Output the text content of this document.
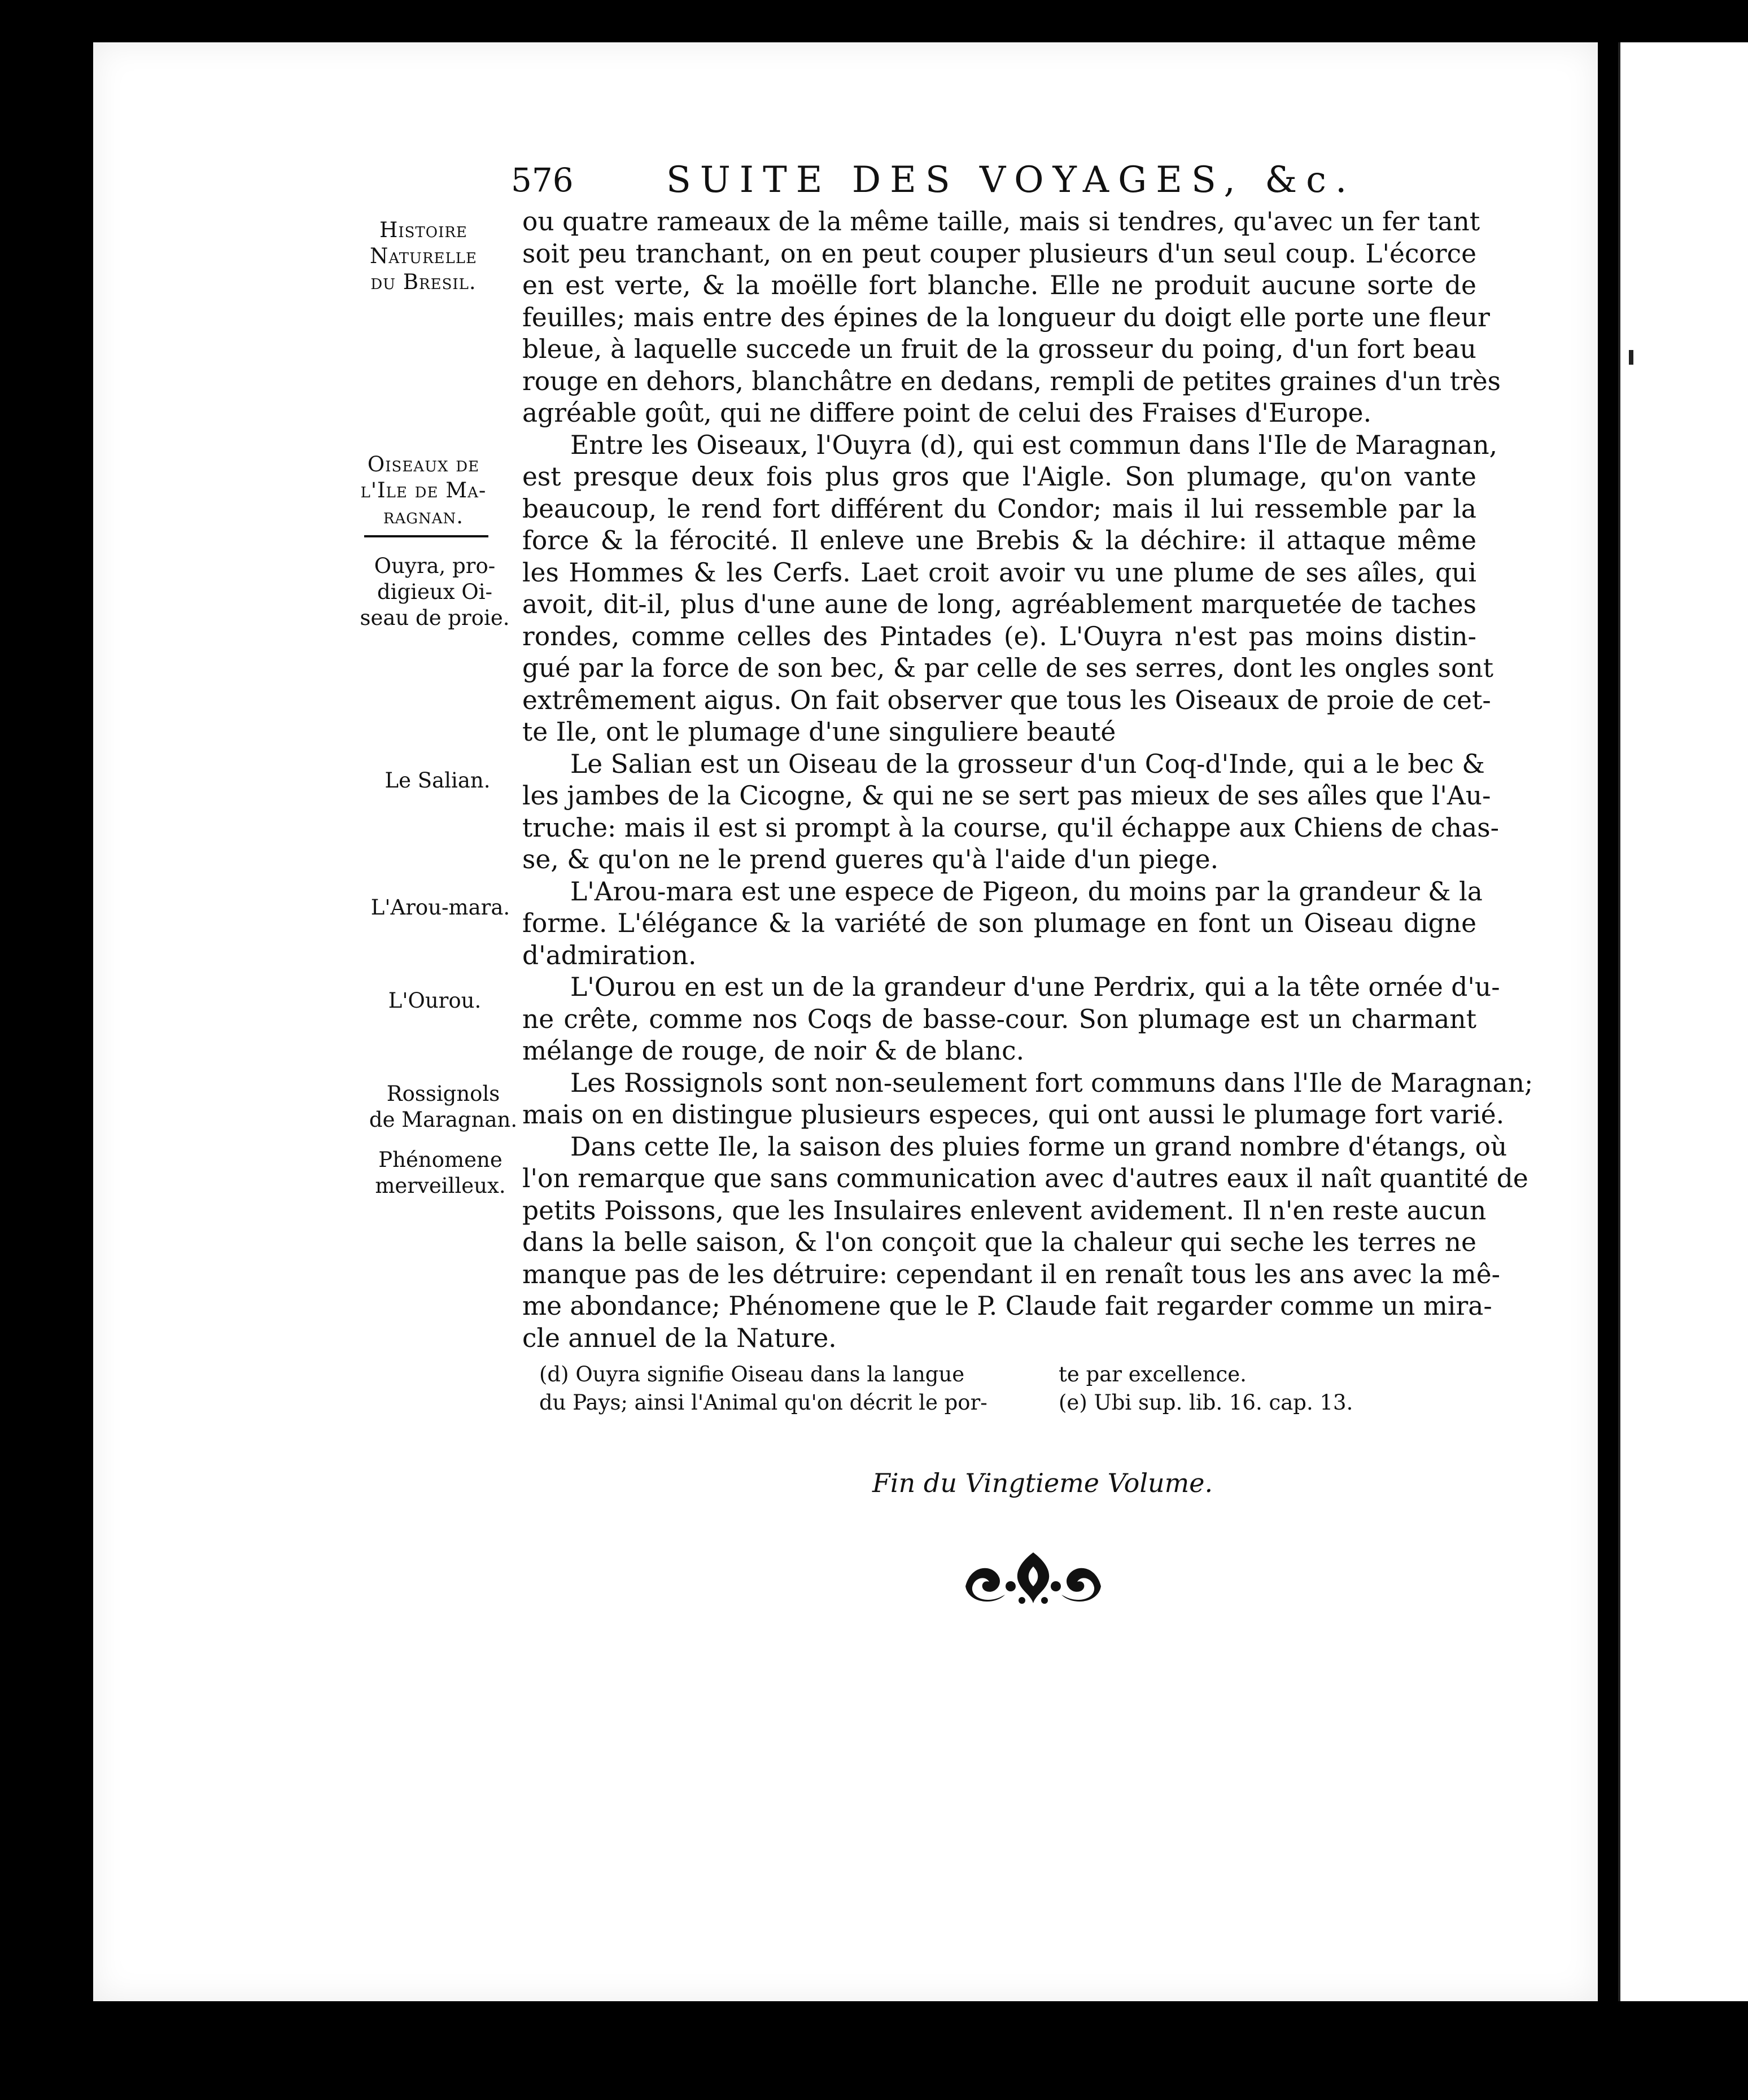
576	SUITE DES VOYAGES, &c.
Histoire
Naturelle
du Bresil.
Oiseaux de
l'Ile de Ma-
ragnan.
Ouyra, pro-
digieux Oi-
seau de proie.
Le Salian.
L'Arou-mara.
L'Ourou.
Rossignols
de Maragnan.
Phénomene
merveilleux.
ou quatre rameaux de la même taille, mais si tendres, qu'avec un fer tant
soit peu tranchant, on en peut couper plusieurs d'un seul coup. L'écorce
en est verte, & la moëlle fort blanche. Elle ne produit aucune sorte de
feuilles; mais entre des épines de la longueur du doigt elle porte une fleur
bleue, à laquelle succede un fruit de la grosseur du poing, d'un fort beau
rouge en dehors, blanchâtre en dedans, rempli de petites graines d'un très
agréable goût, qui ne differe point de celui des Fraises d'Europe.
Entre les Oiseaux, l'Ouyra (d), qui est commun dans l'Ile de Maragnan,
est presque deux fois plus gros que l'Aigle. Son plumage, qu'on vante
beaucoup, le rend fort différent du Condor; mais il lui ressemble par la
force & la férocité. Il enleve une Brebis & la déchire: il attaque même
les Hommes & les Cerfs. Laet croit avoir vu une plume de ses aîles, qui
avoit, dit-il, plus d'une aune de long, agréablement marquetée de taches
rondes, comme celles des Pintades (e). L'Ouyra n'est pas moins distin-
gué par la force de son bec, & par celle de ses serres, dont les ongles sont
extrêmement aigus. On fait observer que tous les Oiseaux de proie de cet-
te Ile, ont le plumage d'une singuliere beauté
Le Salian est un Oiseau de la grosseur d'un Coq-d'Inde, qui a le bec &
les jambes de la Cicogne, & qui ne se sert pas mieux de ses aîles que l'Au-
truche: mais il est si prompt à la course, qu'il échappe aux Chiens de chas-
se, & qu'on ne le prend gueres qu'à l'aide d'un piege.
L'Arou-mara est une espece de Pigeon, du moins par la grandeur & la
forme. L'élégance & la variété de son plumage en font un Oiseau digne
d'admiration.
L'Ourou en est un de la grandeur d'une Perdrix, qui a la tête ornée d'u-
ne crête, comme nos Coqs de basse-cour. Son plumage est un charmant
mélange de rouge, de noir & de blanc.
Les Rossignols sont non-seulement fort communs dans l'Ile de Maragnan;
mais on en distingue plusieurs especes, qui ont aussi le plumage fort varié.
Dans cette Ile, la saison des pluies forme un grand nombre d'étangs, où
l'on remarque que sans communication avec d'autres eaux il naît quantité de
petits Poissons, que les Insulaires enlevent avidement. Il n'en reste aucun
dans la belle saison, & l'on conçoit que la chaleur qui seche les terres ne
manque pas de les détruire: cependant il en renaît tous les ans avec la mê-
me abondance; Phénomene que le P. Claude fait regarder comme un mira-
cle annuel de la Nature.
(d) Ouyra signifie Oiseau dans la langue	te par excellence.
du Pays; ainsi l'Animal qu'on décrit le por-	(e) Ubi sup. lib. 16. cap. 13.
Fin du Vingtieme Volume.
